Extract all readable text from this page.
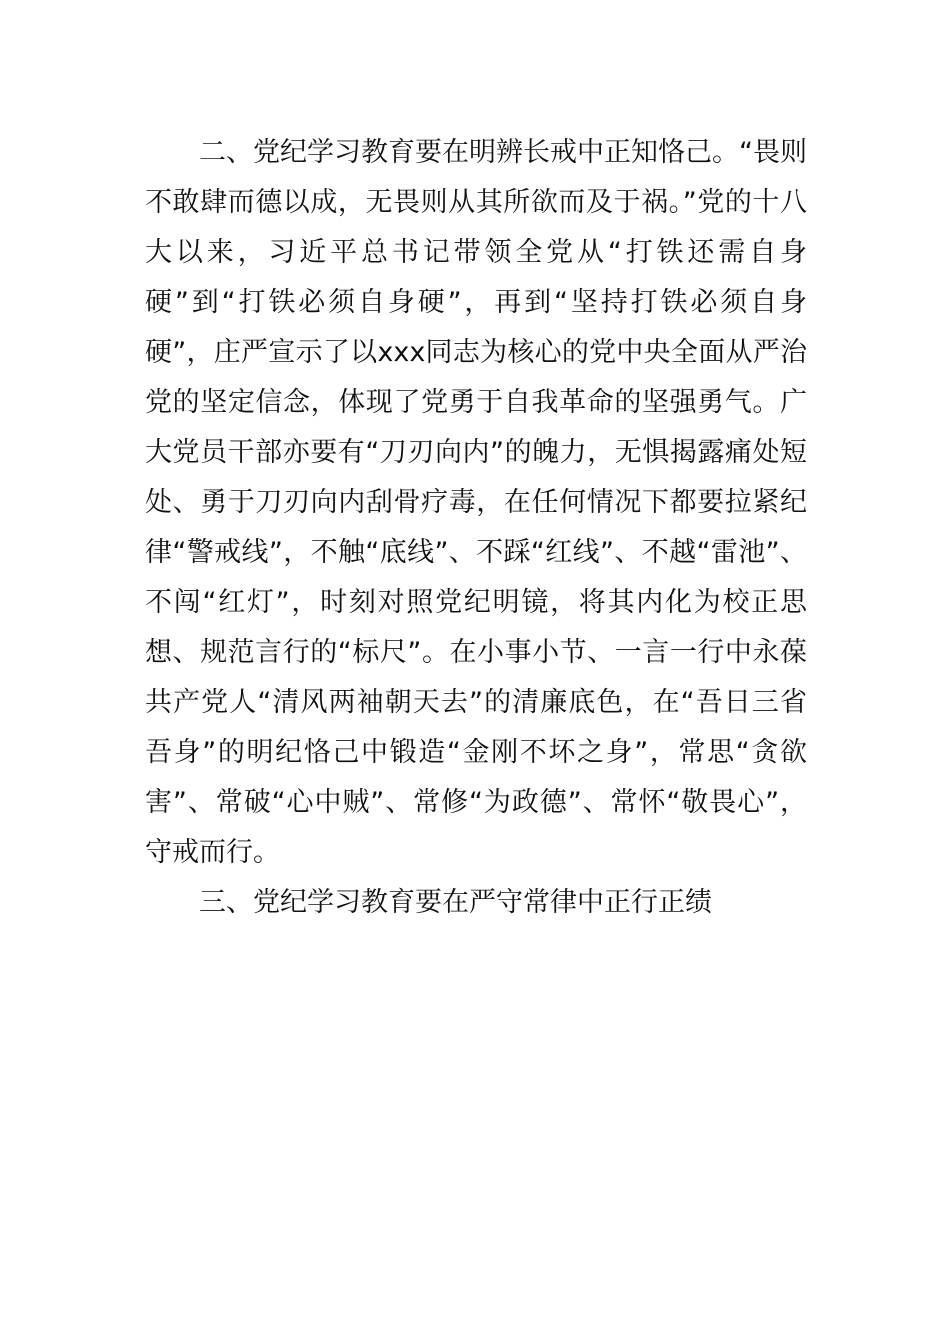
二、党纪学习教育要在明辨长戒中正知恪己。“畏则不敢肆而德以成，无畏则从其所欲而及于祸。”党的十八大以来，习近平总书记带领全党从“打铁还需自身硬”到“打铁必须自身硬”，再到“坚持打铁必须自身硬”，庄严宣示了以xxx同志为核心的党中央全面从严治党的坚定信念，体现了党勇于自我革命的坚强勇气。广大党员干部亦要有“刀刃向内”的魄力，无惧揭露痛处短处、勇于刀刃向内刮骨疗毒，在任何情况下都要拉紧纪律“警戒线”，不触“底线”、不踩“红线”、不越“雷池”、不闯“红灯”，时刻对照党纪明镜，将其内化为校正思想、规范言行的“标尺”。在小事小节、一言一行中永葆共产党人“清风两袖朝天去”的清廉底色，在“吾日三省吾身”的明纪恪己中锻造“金刚不坏之身”，常思“贪欲害”、常破“心中贼”、常修“为政德”、常怀“敬畏心”，守戒而行。

三、党纪学习教育要在严守常律中正行正绩
